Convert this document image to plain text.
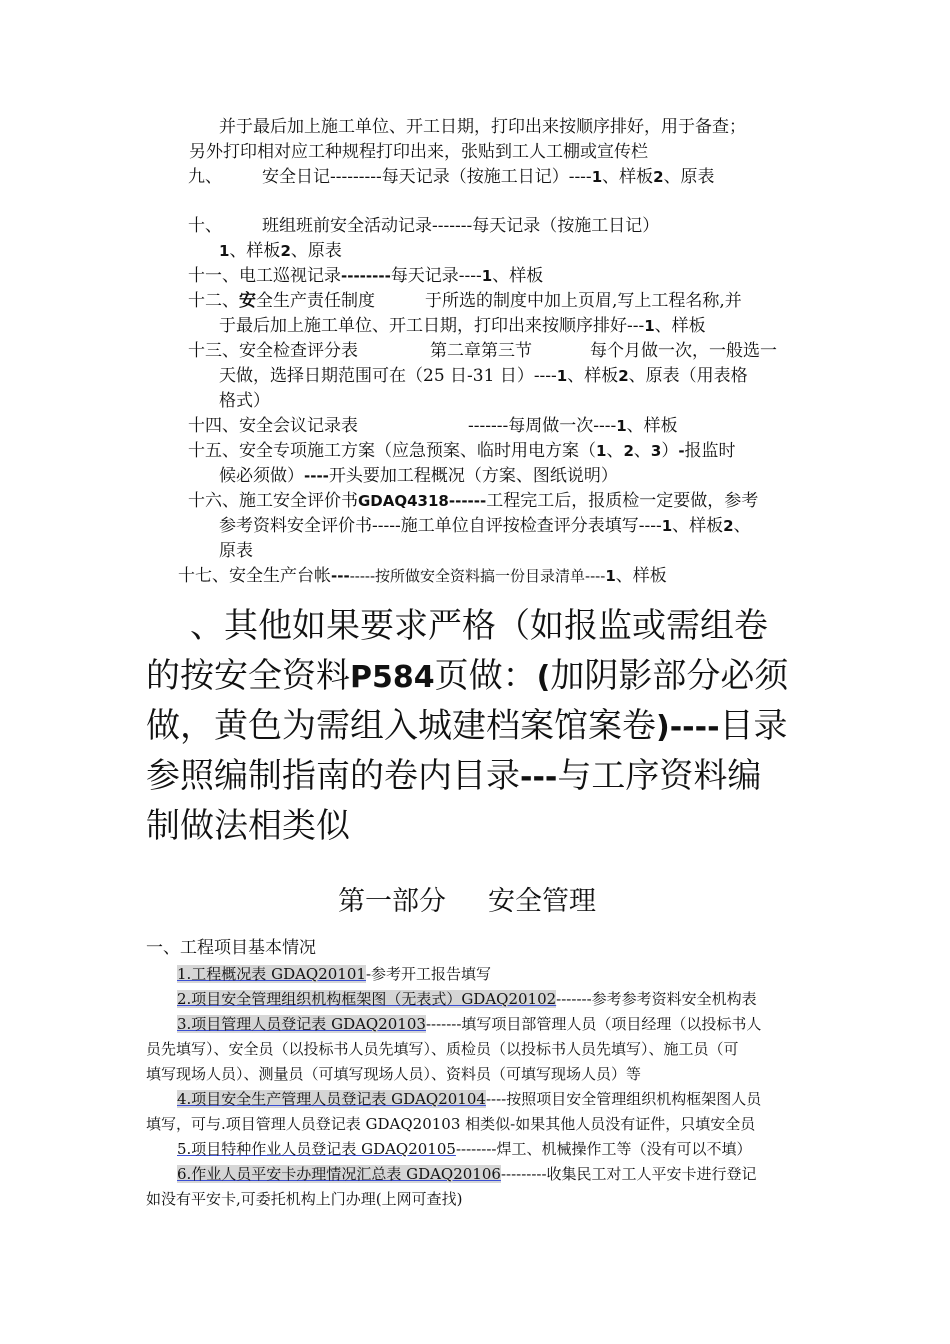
并于最后加上施工单位、开工日期，打印出来按顺序排好，用于备查；
另外打印相对应工种规程打印出来，张贴到工人工棚或宣传栏
九、 安全日记---------每天记录（按施工日记）----1、样板2、原表
十、 班组班前安全活动记录-------每天记录（按施工日记）
1、样板2、原表
十一、电工巡视记录--------每天记录----1、样板
十二、安全生产责任制度	于所选的制度中加上页眉,写上工程名称,并
于最后加上施工单位、开工日期，打印出来按顺序排好---1、样板
十三、安全检查评分表	第二章第三节	每个月做一次，一般选一
天做，选择日期范围可在（25 日-31 日）----1、样板2、原表（用表格
格式）
十四、安全会议记录表	-------每周做一次----1、样板
十五、安全专项施工方案（应急预案、临时用电方案（1、2、3）-报监时
候必须做）----开头要加工程概况（方案、图纸说明）
十六、施工安全评价书GDAQ4318------工程完工后，报质检一定要做，参考
参考资料安全评价书-----施工单位自评按检查评分表填写----1、样板2、
原表
十七、安全生产台帐--------按所做安全资料搞一份目录清单----1、样板
、其他如果要求严格（如报监或需组卷
的按安全资料P584页做：(加阴影部分必须
做，黄色为需组入城建档案馆案卷)----目录
参照编制指南的卷内目录---与工序资料编
制做法相类似
第一部分 安全管理
一、工程项目基本情况
1.工程概况表 GDAQ20101-参考开工报告填写
2.项目安全管理组织机构框架图（无表式）GDAQ20102-------参考参考资料安全机构表
3.项目管理人员登记表 GDAQ20103-------填写项目部管理人员（项目经理（以投标书人
员先填写）、安全员（以投标书人员先填写）、质检员（以投标书人员先填写）、施工员（可
填写现场人员）、测量员（可填写现场人员）、资料员（可填写现场人员）等
4.项目安全生产管理人员登记表 GDAQ20104----按照项目安全管理组织机构框架图人员
填写，可与.项目管理人员登记表 GDAQ20103 相类似-如果其他人员没有证件，只填安全员
5.项目特种作业人员登记表 GDAQ20105--------焊工、机械操作工等（没有可以不填）
6.作业人员平安卡办理情况汇总表 GDAQ20106---------收集民工对工人平安卡进行登记
如没有平安卡,可委托机构上门办理(上网可查找)
